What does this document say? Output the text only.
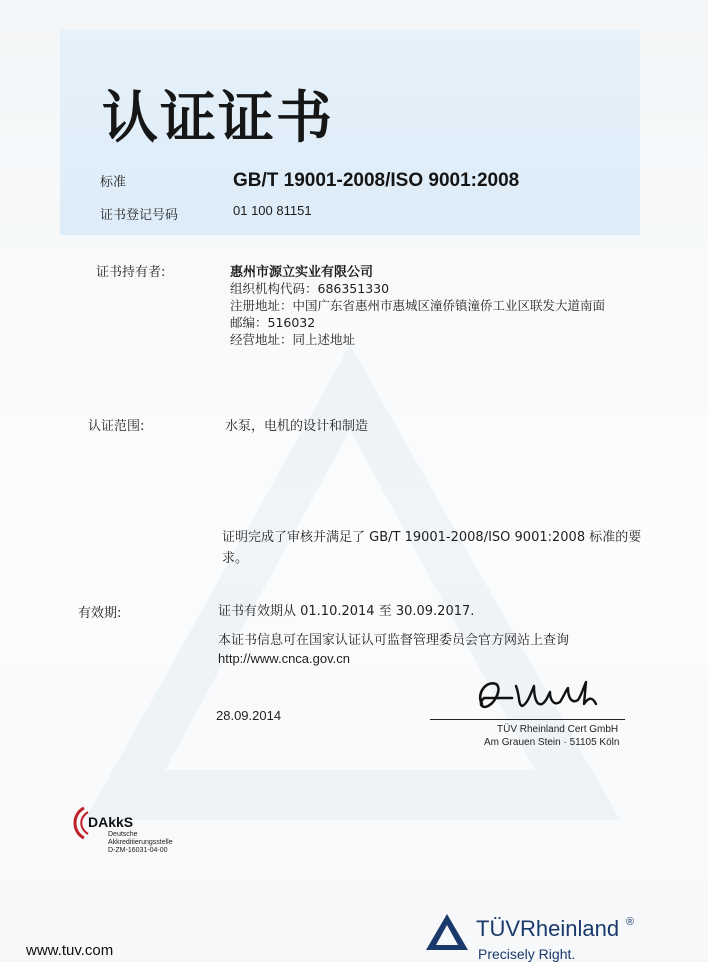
认证证书
标准	GB/T 19001-2008/ISO 9001:2008
证书登记号码	01 100 81151
证书持有者:	惠州市源立实业有限公司
组织机构代码：686351330
注册地址：中国广东省惠州市惠城区潼侨镇潼侨工业区联发大道南面
邮编：516032
经营地址：同上述地址
认证范围:	水泵，电机的设计和制造
证明完成了审核并满足了 GB/T 19001-2008/ISO 9001:2008 标准的要
求。
有效期:	证书有效期从 01.10.2014 至 30.09.2017.
本证书信息可在国家认证认可监督管理委员会官方网站上查询
http://www.cnca.gov.cn
28.09.2014
TÜV Rheinland Cert GmbH
Am Grauen Stein · 51105 Köln
DAkkS
Deutsche
Akkreditierungsstelle
D-ZM-16031-04-00
www.tuv.com
TÜVRheinland ®
Precisely Right.
